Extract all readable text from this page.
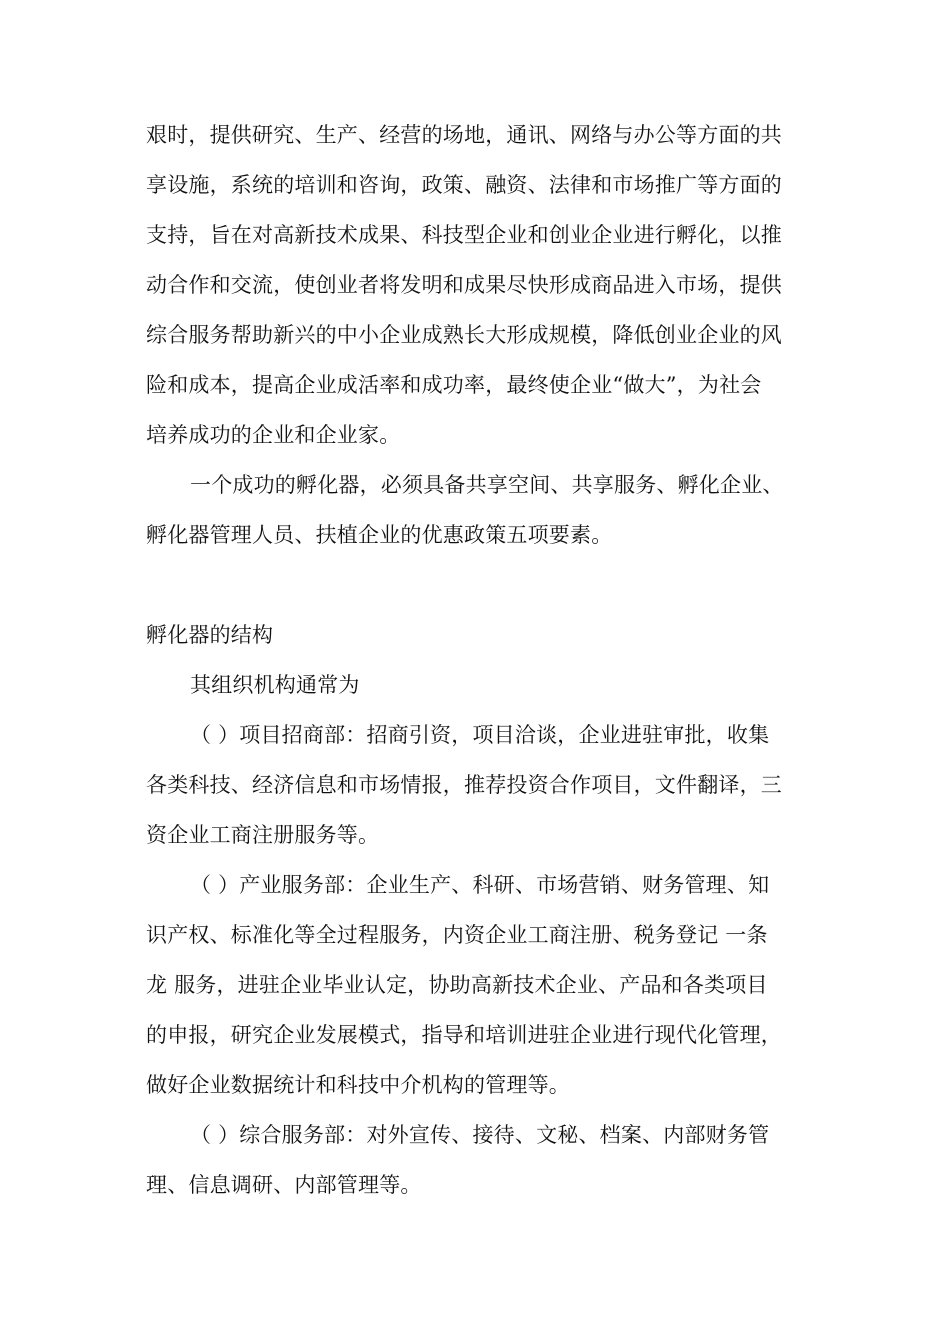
艰时，提供研究、生产、经营的场地，通讯、网络与办公等方面的共
享设施，系统的培训和咨询，政策、融资、法律和市场推广等方面的
支持，旨在对高新技术成果、科技型企业和创业企业进行孵化，以推
动合作和交流，使创业者将发明和成果尽快形成商品进入市场，提供
综合服务帮助新兴的中小企业成熟长大形成规模，降低创业企业的风
险和成本，提高企业成活率和成功率，最终使企业“做大”，为社会
培养成功的企业和企业家。
一个成功的孵化器，必须具备共享空间、共享服务、孵化企业、
孵化器管理人员、扶植企业的优惠政策五项要素。
孵化器的结构
其组织机构通常为
（ ）项目招商部：招商引资，项目洽谈，企业进驻审批，收集
各类科技、经济信息和市场情报，推荐投资合作项目，文件翻译，三
资企业工商注册服务等。
（ ）产业服务部：企业生产、科研、市场营销、财务管理、知
识产权、标准化等全过程服务，内资企业工商注册、税务登记 一条
龙 服务，进驻企业毕业认定，协助高新技术企业、产品和各类项目
的申报，研究企业发展模式，指导和培训进驻企业进行现代化管理，
做好企业数据统计和科技中介机构的管理等。
（ ）综合服务部：对外宣传、接待、文秘、档案、内部财务管
理、信息调研、内部管理等。
